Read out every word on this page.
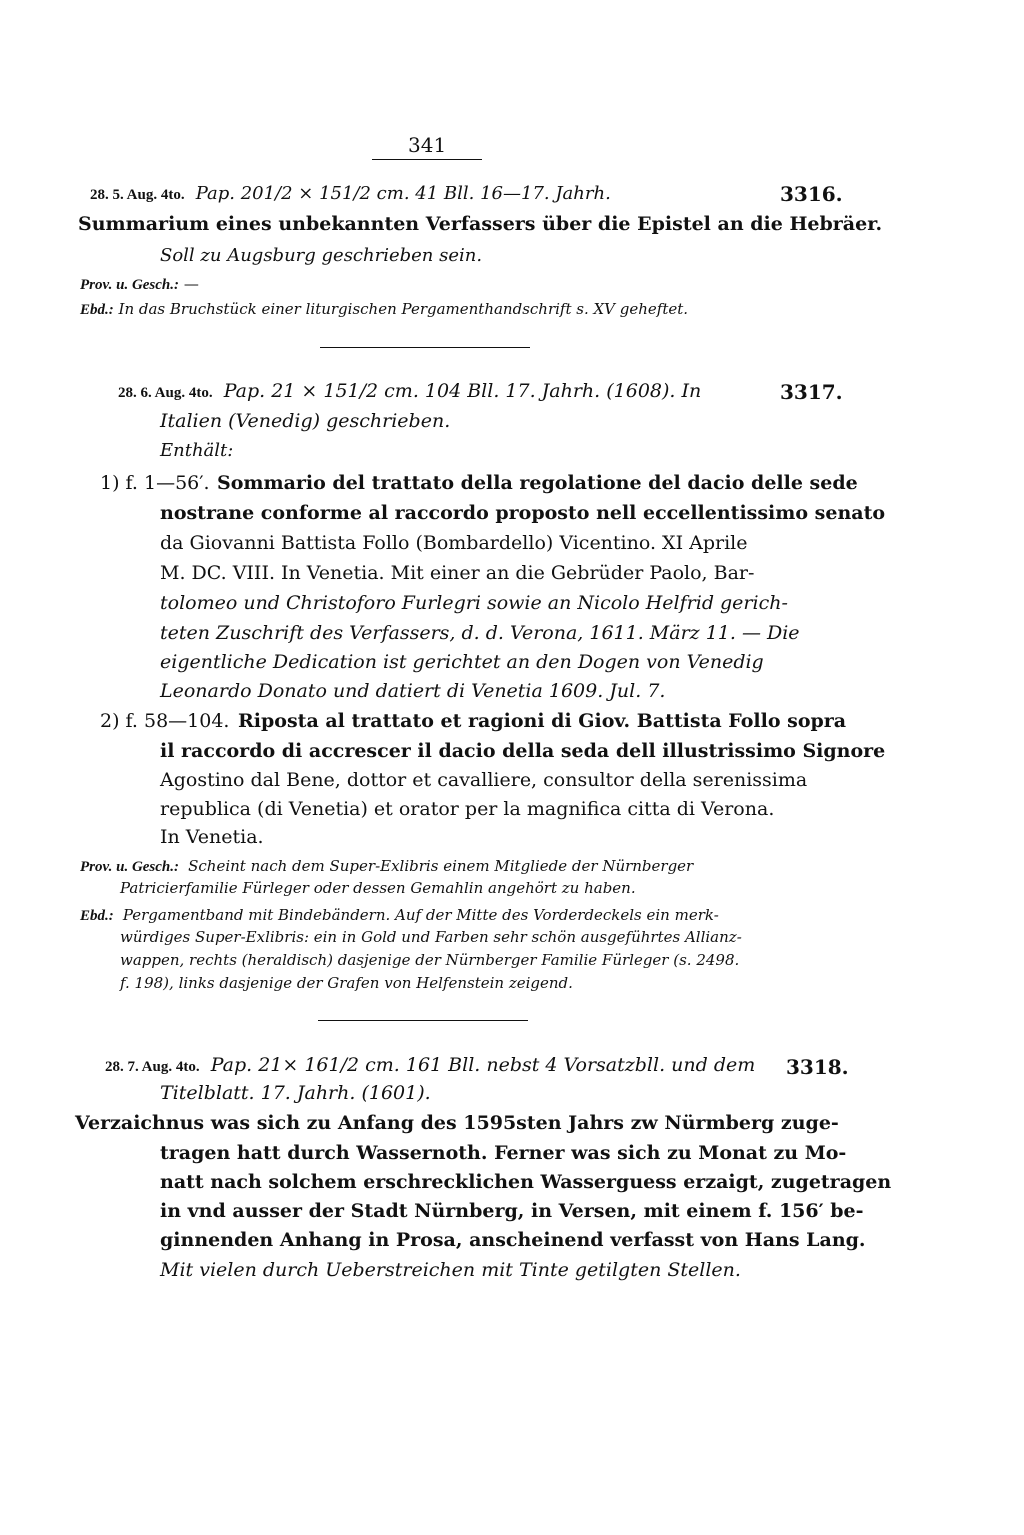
341
28. 5. Aug. 4to. Pap. 201/2 × 151/2 cm. 41 Bll. 16—17. Jahrh.	3316.
Summarium eines unbekannten Verfassers über die Epistel an die Hebräer.
Soll zu Augsburg geschrieben sein.
Prov. u. Gesch.: —
Ebd.: In das Bruchstück einer liturgischen Pergamenthandschrift s. XV geheftet.
28. 6. Aug. 4to. Pap. 21 × 151/2 cm. 104 Bll. 17. Jahrh. (1608). In	3317.
Italien (Venedig) geschrieben.
Enthält:
1) f. 1—56′. Sommario del trattato della regolatione del dacio delle sede
nostrane conforme al raccordo proposto nell eccellentissimo senato
da Giovanni Battista Follo (Bombardello) Vicentino. XI Aprile
M. DC. VIII. In Venetia. Mit einer an die Gebrüder Paolo, Bar-
tolomeo und Christoforo Furlegri sowie an Nicolo Helfrid gerich-
teten Zuschrift des Verfassers, d. d. Verona, 1611. März 11. — Die
eigentliche Dedication ist gerichtet an den Dogen von Venedig
Leonardo Donato und datiert di Venetia 1609. Jul. 7.
2) f. 58—104. Riposta al trattato et ragioni di Giov. Battista Follo sopra
il raccordo di accrescer il dacio della seda dell illustrissimo Signore
Agostino dal Bene, dottor et cavalliere, consultor della serenissima
republica (di Venetia) et orator per la magnifica citta di Verona.
In Venetia.
Prov. u. Gesch.: Scheint nach dem Super-Exlibris einem Mitgliede der Nürnberger
Patricierfamilie Fürleger oder dessen Gemahlin angehört zu haben.
Ebd.: Pergamentband mit Bindebändern. Auf der Mitte des Vorderdeckels ein merk-
würdiges Super-Exlibris: ein in Gold und Farben sehr schön ausgeführtes Allianz-
wappen, rechts (heraldisch) dasjenige der Nürnberger Familie Fürleger (s. 2498.
f. 198), links dasjenige der Grafen von Helfenstein zeigend.
28. 7. Aug. 4to. Pap. 21× 161/2 cm. 161 Bll. nebst 4 Vorsatzbll. und dem 3318.
Titelblatt. 17. Jahrh. (1601).
Verzaichnus was sich zu Anfang des 1595sten Jahrs zw Nürmberg zuge-
tragen hatt durch Wassernoth. Ferner was sich zu Monat zu Mo-
natt nach solchem erschrecklichen Wasserguess erzaigt, zugetragen
in vnd ausser der Stadt Nürnberg, in Versen, mit einem f. 156′ be-
ginnenden Anhang in Prosa, anscheinend verfasst von Hans Lang.
Mit vielen durch Ueberstreichen mit Tinte getilgten Stellen.
